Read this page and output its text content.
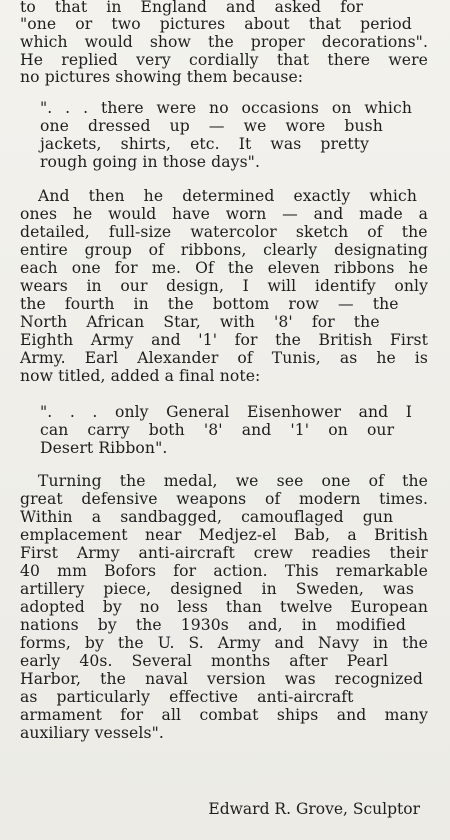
to that in England and asked for
"one or two pictures about that period
which would show the proper decorations".
He replied very cordially that there were
no pictures showing them because:
". . . there were no occasions on which
one dressed up — we wore bush
jackets, shirts, etc. It was pretty
rough going in those days".
And then he determined exactly which
ones he would have worn — and made a
detailed, full-size watercolor sketch of the
entire group of ribbons, clearly designating
each one for me. Of the eleven ribbons he
wears in our design, I will identify only
the fourth in the bottom row — the
North African Star, with '8' for the
Eighth Army and '1' for the British First
Army. Earl Alexander of Tunis, as he is
now titled, added a final note:
". . . only General Eisenhower and I
can carry both '8' and '1' on our
Desert Ribbon".
Turning the medal, we see one of the
great defensive weapons of modern times.
Within a sandbagged, camouflaged gun
emplacement near Medjez-el Bab, a British
First Army anti-aircraft crew readies their
40 mm Bofors for action. This remarkable
artillery piece, designed in Sweden, was
adopted by no less than twelve European
nations by the 1930s and, in modified
forms, by the U. S. Army and Navy in the
early 40s. Several months after Pearl
Harbor, the naval version was recognized
as particularly effective anti-aircraft
armament for all combat ships and many
auxiliary vessels".
Edward R. Grove, Sculptor
